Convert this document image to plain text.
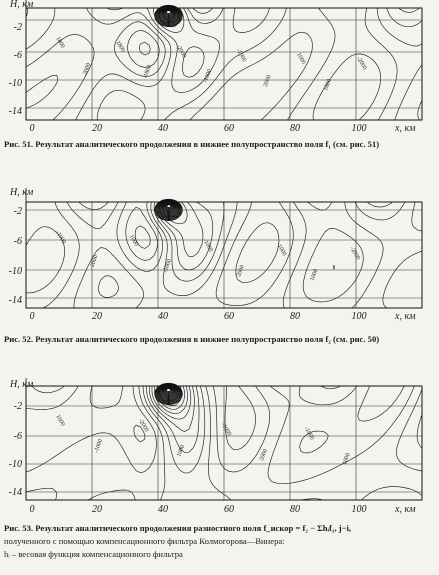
1800
2000
1800
-1800
-2000
-1000
-1000
2000
1000
1800
-2000
H, км
-2
-6
-10
-14
0	20	40	60	80	100	x, км
Рис. 51. Результат аналитического продолжения в нижнее полупространство поля f₁ (см. рис. 51)
-1000
-2000
1000
-2000
-1000
2000
-1000
1000
-2000
H, км
-2
-6
-10
-14
0	20	40	60	80	100	x, км
Рис. 52. Результат аналитического продолжения в нижнее полупространство поля f₂ (см. рис. 50)
1000
-1000
-2000
1000
-1000
2000
-1000
1000
H, км
-2
-6
-10
-14
0	20	40	60	80	100	x, км
Рис. 53. Результат аналитического продолжения разностного поля f_искор = f₂ − Σhᵢf₁, j−i,
полученного с помощью компенсационного фильтра Колмогорова—Винера:
hᵢ – весовая функция компенсационного фильтра
